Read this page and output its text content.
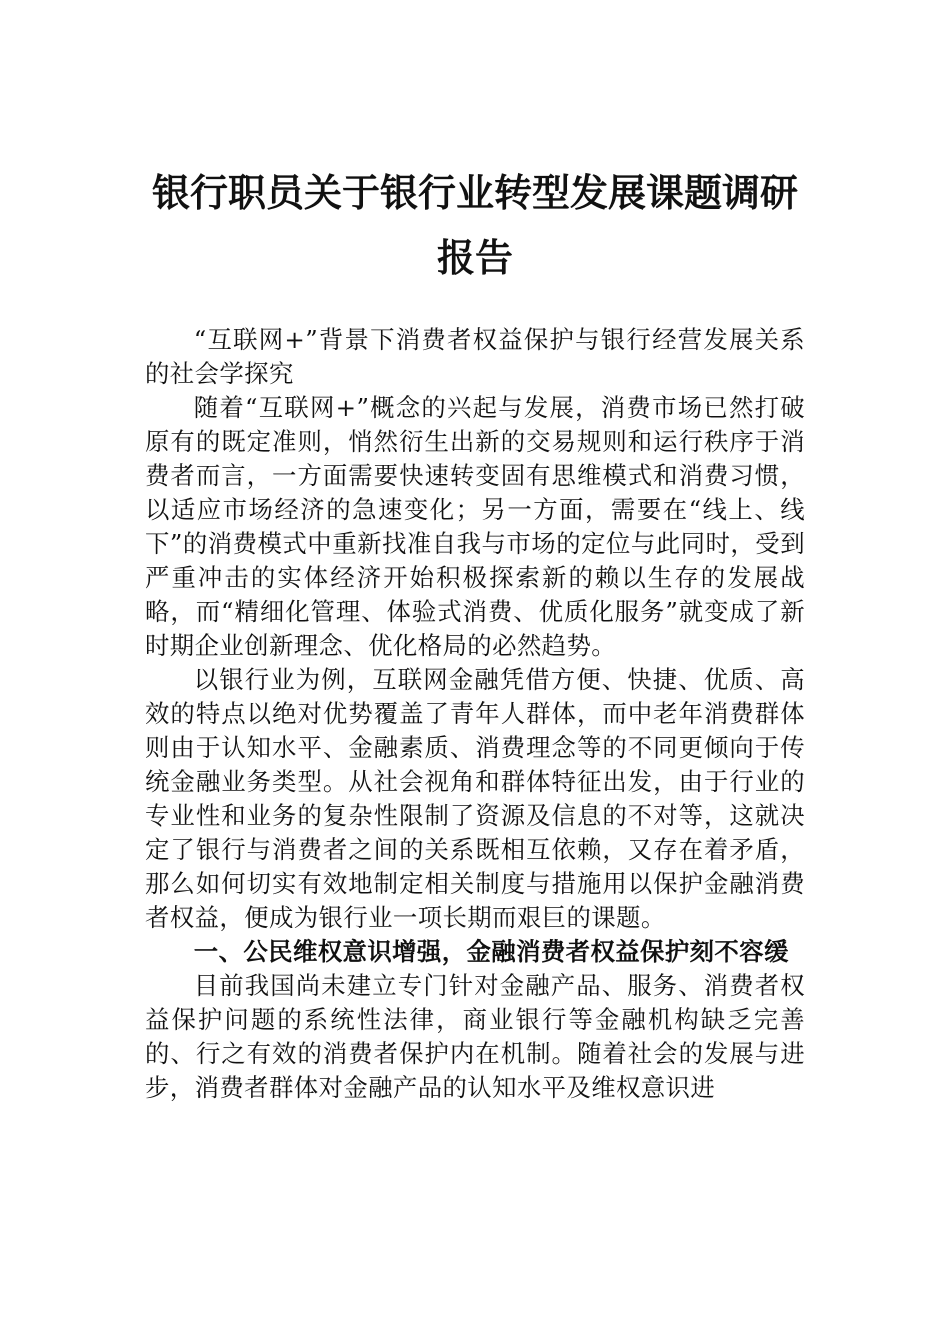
银行职员关于银行业转型发展课题调研报告

“互联网+”背景下消费者权益保护与银行经营发展关系的社会学探究

随着“互联网+”概念的兴起与发展，消费市场已然打破原有的既定准则，悄然衍生出新的交易规则和运行秩序于消费者而言，一方面需要快速转变固有思维模式和消费习惯，以适应市场经济的急速变化；另一方面，需要在“线上、线下”的消费模式中重新找准自我与市场的定位与此同时，受到严重冲击的实体经济开始积极探索新的赖以生存的发展战略，而“精细化管理、体验式消费、优质化服务”就变成了新时期企业创新理念、优化格局的必然趋势。

以银行业为例，互联网金融凭借方便、快捷、优质、高效的特点以绝对优势覆盖了青年人群体，而中老年消费群体则由于认知水平、金融素质、消费理念等的不同更倾向于传统金融业务类型。从社会视角和群体特征出发，由于行业的专业性和业务的复杂性限制了资源及信息的不对等，这就决定了银行与消费者之间的关系既相互依赖，又存在着矛盾，那么如何切实有效地制定相关制度与措施用以保护金融消费者权益，便成为银行业一项长期而艰巨的课题。

一、公民维权意识增强，金融消费者权益保护刻不容缓

目前我国尚未建立专门针对金融产品、服务、消费者权益保护问题的系统性法律，商业银行等金融机构缺乏完善的、行之有效的消费者保护内在机制。随着社会的发展与进步，消费者群体对金融产品的认知水平及维权意识进
